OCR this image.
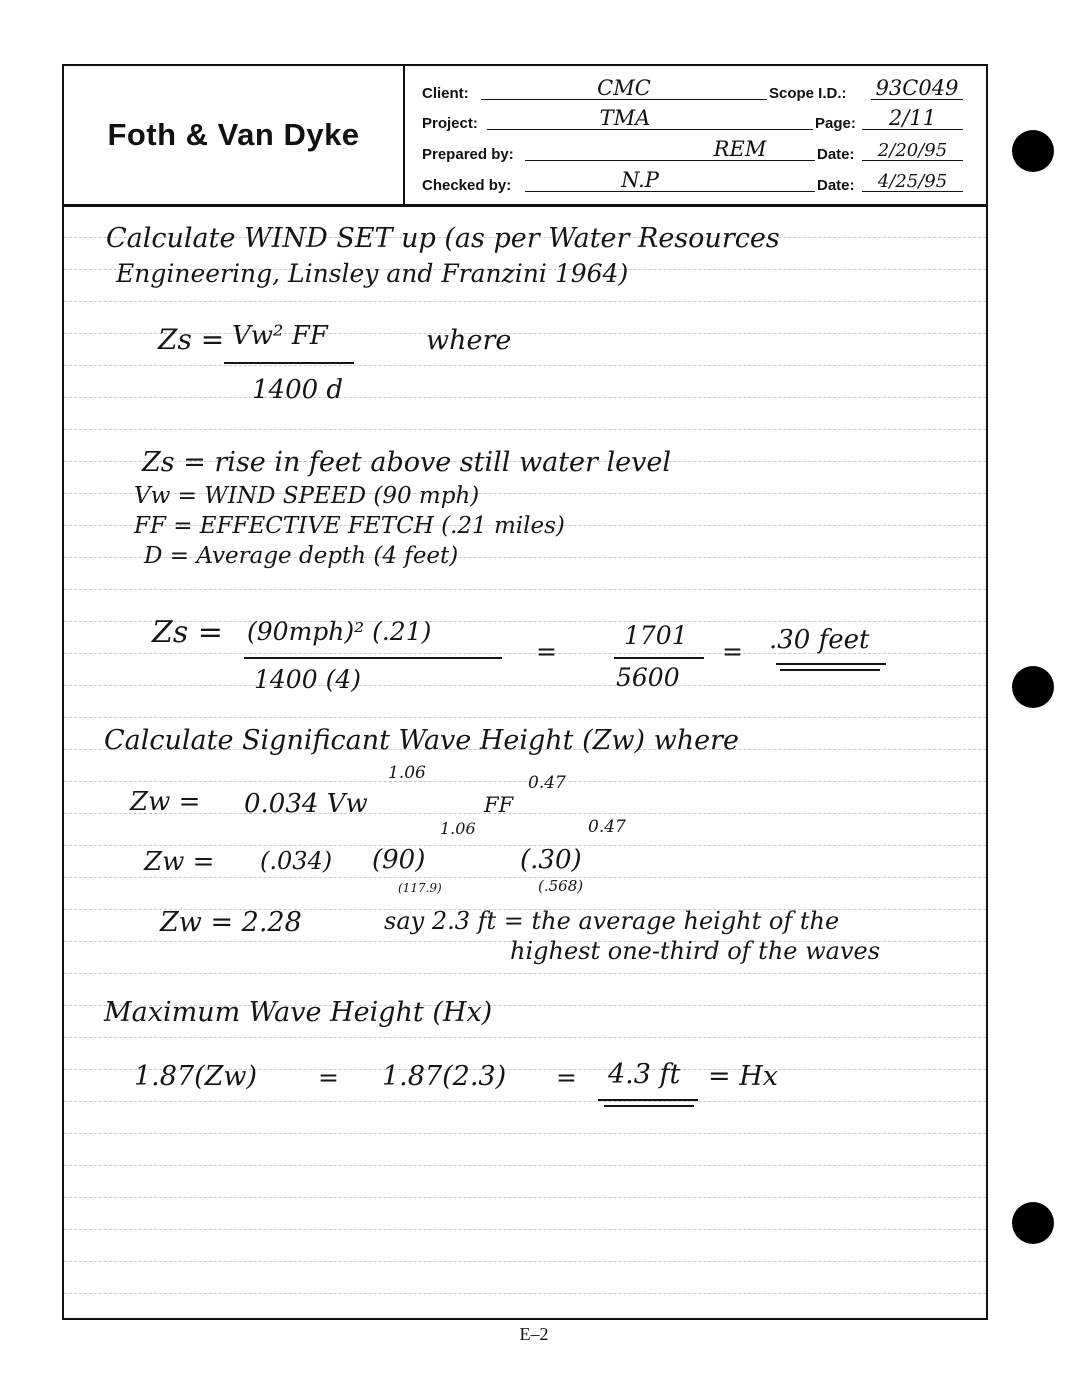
Foth & Van Dyke
Client:	CMC	Scope I.D.: 93C049
Project:	TMA	Page:	2/11
Prepared by:	REM	Date:	2/20/95
Checked by:	N.P	Date:	4/25/95
Calculate WIND SET up (as per Water Resources
Engineering, Linsley and Franzini 1964)
Zs = Vw² FF	where
1400 d
Zs = rise in feet above still water level
Vw = WIND SPEED (90 mph)
FF = EFFECTIVE FETCH (.21 miles)
D = Average depth (4 feet)
Zs = (90mph)² (.21)
1400 (4)
=
1701
5600
= .30 feet
Calculate Significant Wave Height (Zw) where
Zw = 0.034 Vw
1.06
FF
0.47
Zw = (.034) (90)
1.06
(.30)
0.47
(117.9)	(.568)
Zw = 2.28	say 2.3 ft = the average height of the
highest one-third of the waves
Maximum Wave Height (Hx)
1.87(Zw) = 1.87(2.3) = 4.3 ft = Hx
E–2
